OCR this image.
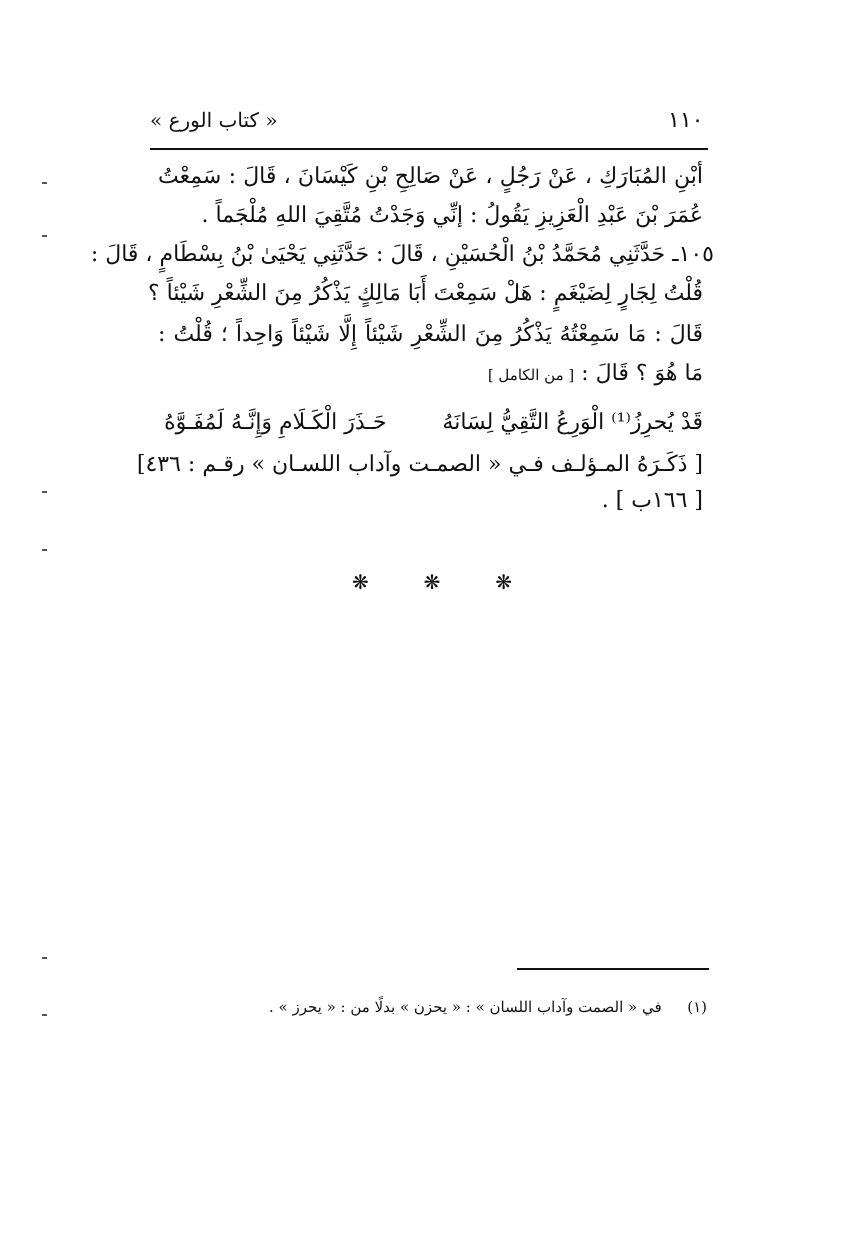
« كتاب الورع »	١١٠
أبْنِ المُبَارَكِ ، عَنْ رَجُلٍ ، عَنْ صَالِحِ بْنِ كَيْسَانَ ، قَالَ : سَمِعْتُ
عُمَرَ بْنَ عَبْدِ الْعَزِيزِ يَقُولُ : إنِّي وَجَدْتُ مُتَّقِيَ اللهِ مُلْجَماً .
١٠٥ـ حَدَّثَنِي مُحَمَّدُ بْنُ الْحُسَيْنِ ، قَالَ : حَدَّثَنِي يَحْيَىٰ بْنُ بِسْطَامٍ ، قَالَ :
قُلْتُ لِجَارٍ لِضَيْغَمٍ : هَلْ سَمِعْتَ أَبَا مَالِكٍ يَذْكُرُ مِنَ الشِّعْرِ شَيْئاً ؟
قَالَ : مَا سَمِعْتُهُ يَذْكُرُ مِنَ الشِّعْرِ شَيْئاً إِلَّا شَيْئاً وَاحِداً ؛ قُلْتُ :
مَا هُوَ ؟ قَالَ : [ من الكامل ]
قَدْ يُحرِزُ⁽¹⁾ الْوَرِعُ التَّقِيُّ لِسَانَهُ  حَـذَرَ الْكَـلَامِ وَإِنَّـهُ لَمُفَـوَّهُ
[ ذَكَـرَهُ المـؤلـف فـي « الصمـت وآداب اللسـان » رقـم : ٤٣٦]
[ ١٦٦ب ] .
❋	❋	❋
(١)  في « الصمت وآداب اللسان » : « يحزن » بدلًا من : « يحرز » .
